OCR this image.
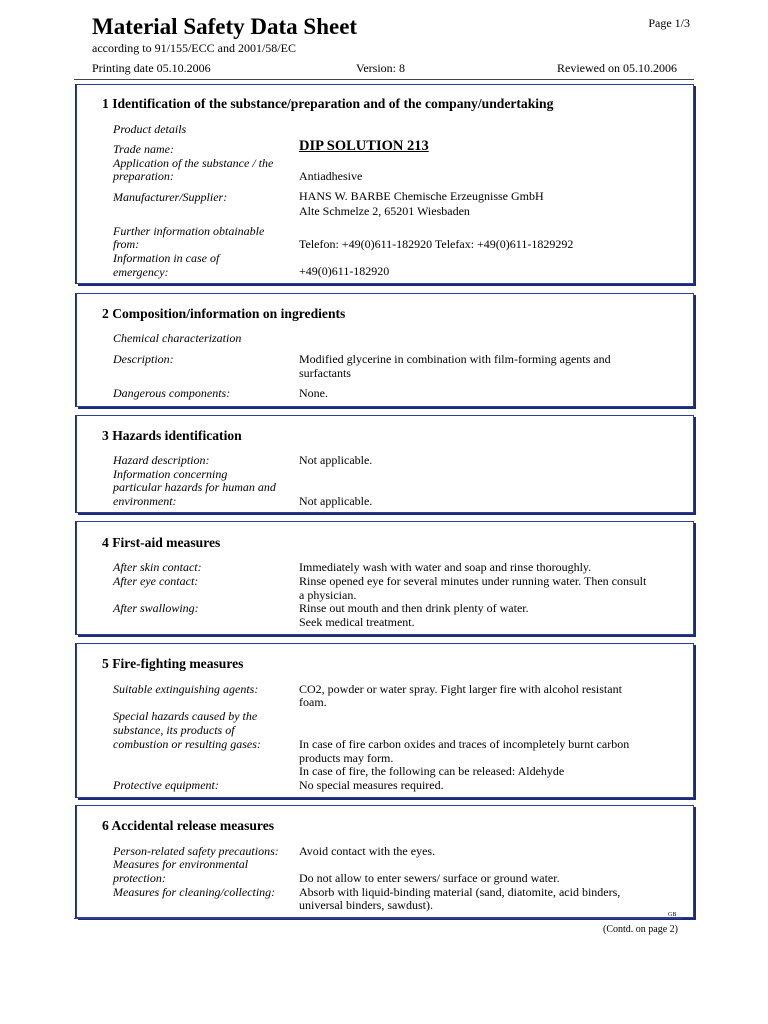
Material Safety Data Sheet	Page 1/3
according to 91/155/ECC and 2001/58/EC
Printing date 05.10.2006	Version: 8	Reviewed on 05.10.2006
1 Identification of the substance/preparation and of the company/undertaking
Product details
Trade name:	DIP SOLUTION 213
Application of the substance / the
preparation:	Antiadhesive
Manufacturer/Supplier:	HANS W. BARBE Chemische Erzeugnisse GmbH
Alte Schmelze 2, 65201 Wiesbaden
Further information obtainable
from:	Telefon: +49(0)611-182920 Telefax: +49(0)611-1829292
Information in case of
emergency:	+49(0)611-182920
2 Composition/information on ingredients
Chemical characterization
Description:	Modified glycerine in combination with film-forming agents and
surfactants
Dangerous components:	None.
3 Hazards identification
Hazard description:	Not applicable.
Information concerning
particular hazards for human and
environment:	Not applicable.
4 First-aid measures
After skin contact:	Immediately wash with water and soap and rinse thoroughly.
After eye contact:	Rinse opened eye for several minutes under running water. Then consult
a physician.
After swallowing:	Rinse out mouth and then drink plenty of water.
Seek medical treatment.
5 Fire-fighting measures
Suitable extinguishing agents:	CO2, powder or water spray. Fight larger fire with alcohol resistant
foam.
Special hazards caused by the
substance, its products of
combustion or resulting gases:	In case of fire carbon oxides and traces of incompletely burnt carbon
products may form.
In case of fire, the following can be released: Aldehyde
Protective equipment:	No special measures required.
6 Accidental release measures
Person-related safety precautions:	Avoid contact with the eyes.
Measures for environmental
protection:	Do not allow to enter sewers/ surface or ground water.
Measures for cleaning/collecting:	Absorb with liquid-binding material (sand, diatomite, acid binders,
universal binders, sawdust).
GB
(Contd. on page 2)
